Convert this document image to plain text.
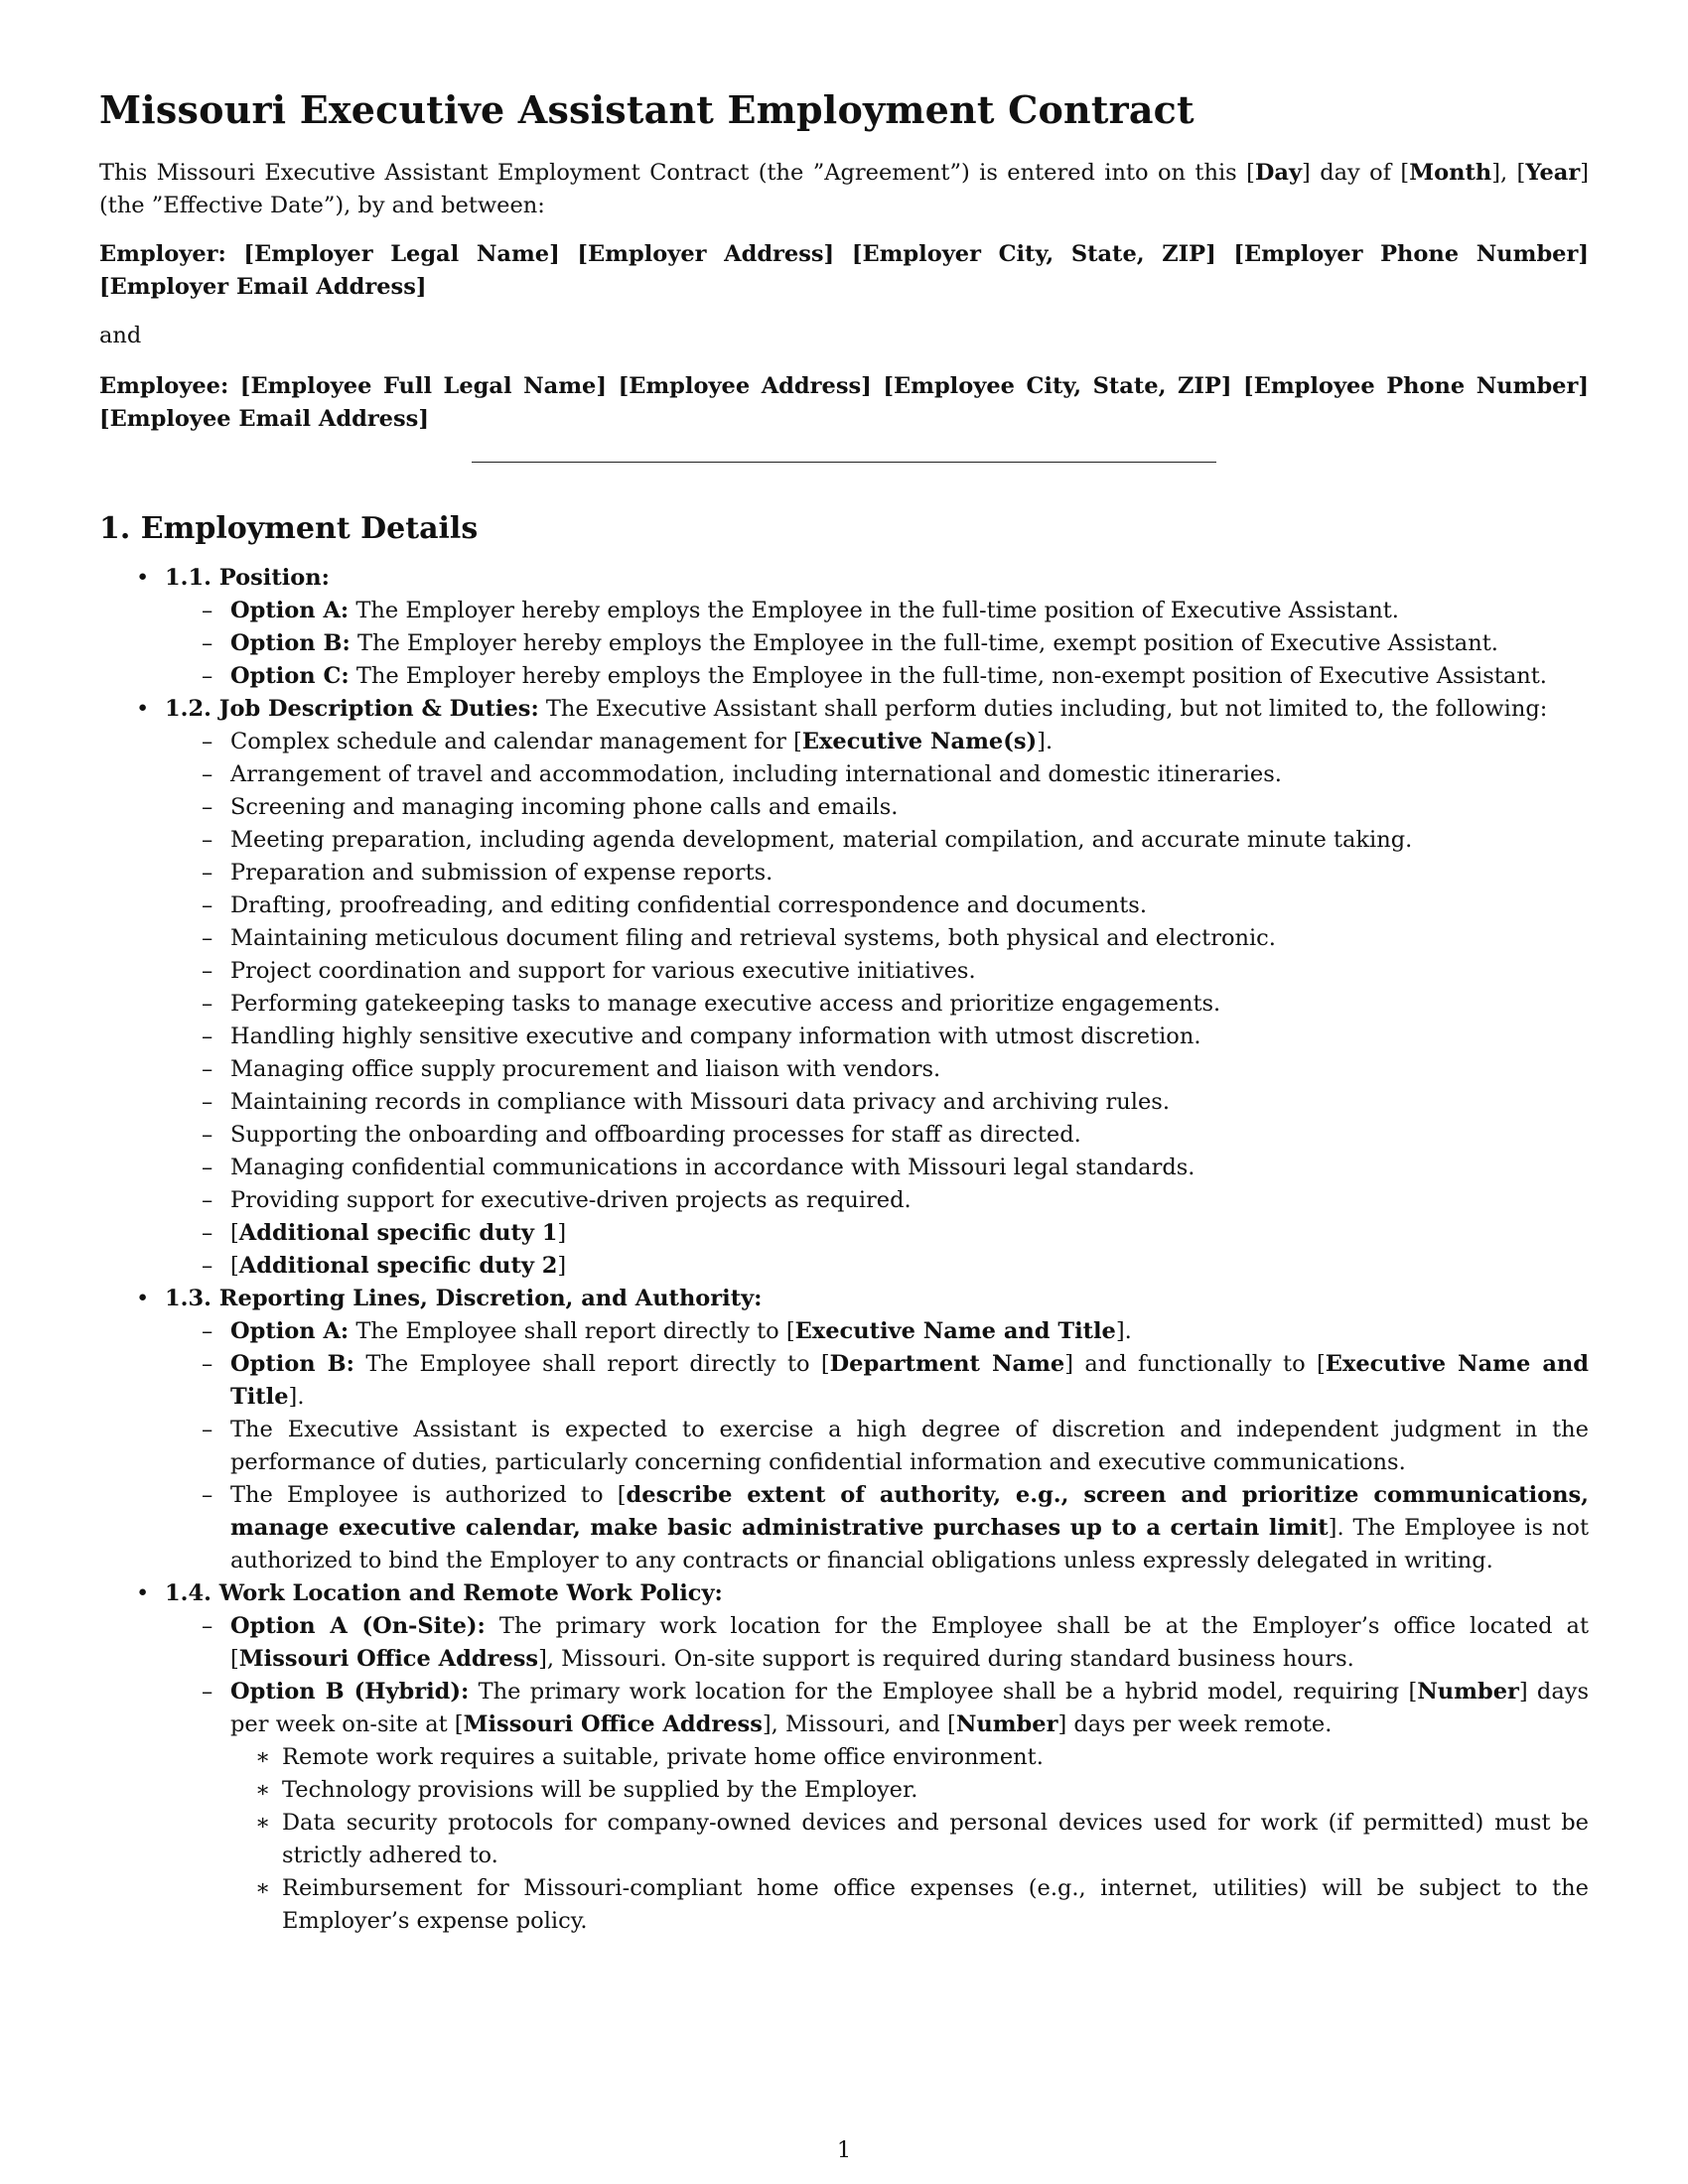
Missouri Executive Assistant Employment Contract

This Missouri Executive Assistant Employment Contract (the ”Agreement”) is entered into on this [Day] day of [Month], [Year] (the ”Effective Date”), by and between:

Employer: [Employer Legal Name] [Employer Address] [Employer City, State, ZIP] [Employer Phone Number] [Employer Email Address]

and

Employee: [Employee Full Legal Name] [Employee Address] [Employee City, State, ZIP] [Employee Phone Number] [Employee Email Address]

1. Employment Details
• 1.1. Position:
– Option A: The Employer hereby employs the Employee in the full-time position of Executive Assistant.
– Option B: The Employer hereby employs the Employee in the full-time, exempt position of Executive Assistant.
– Option C: The Employer hereby employs the Employee in the full-time, non-exempt position of Executive Assistant.
• 1.2. Job Description & Duties: The Executive Assistant shall perform duties including, but not limited to, the following:
– Complex schedule and calendar management for [Executive Name(s)].
– Arrangement of travel and accommodation, including international and domestic itineraries.
– Screening and managing incoming phone calls and emails.
– Meeting preparation, including agenda development, material compilation, and accurate minute taking.
– Preparation and submission of expense reports.
– Drafting, proofreading, and editing confidential correspondence and documents.
– Maintaining meticulous document filing and retrieval systems, both physical and electronic.
– Project coordination and support for various executive initiatives.
– Performing gatekeeping tasks to manage executive access and prioritize engagements.
– Handling highly sensitive executive and company information with utmost discretion.
– Managing office supply procurement and liaison with vendors.
– Maintaining records in compliance with Missouri data privacy and archiving rules.
– Supporting the onboarding and offboarding processes for staff as directed.
– Managing confidential communications in accordance with Missouri legal standards.
– Providing support for executive-driven projects as required.
– [Additional specific duty 1]
– [Additional specific duty 2]
• 1.3. Reporting Lines, Discretion, and Authority:
– Option A: The Employee shall report directly to [Executive Name and Title].
– Option B: The Employee shall report directly to [Department Name] and functionally to [Executive Name and Title].
– The Executive Assistant is expected to exercise a high degree of discretion and independent judgment in the performance of duties, particularly concerning confidential information and executive communications.
– The Employee is authorized to [describe extent of authority, e.g., screen and prioritize communications, manage executive calendar, make basic administrative purchases up to a certain limit]. The Employee is not authorized to bind the Employer to any contracts or financial obligations unless expressly delegated in writing.
• 1.4. Work Location and Remote Work Policy:
– Option A (On-Site): The primary work location for the Employee shall be at the Employer’s office located at [Missouri Office Address], Missouri. On-site support is required during standard business hours.
– Option B (Hybrid): The primary work location for the Employee shall be a hybrid model, requiring [Number] days per week on-site at [Missouri Office Address], Missouri, and [Number] days per week remote.
∗ Remote work requires a suitable, private home office environment.
∗ Technology provisions will be supplied by the Employer.
∗ Data security protocols for company-owned devices and personal devices used for work (if permitted) must be strictly adhered to.
∗ Reimbursement for Missouri-compliant home office expenses (e.g., internet, utilities) will be subject to the Employer’s expense policy.
1
